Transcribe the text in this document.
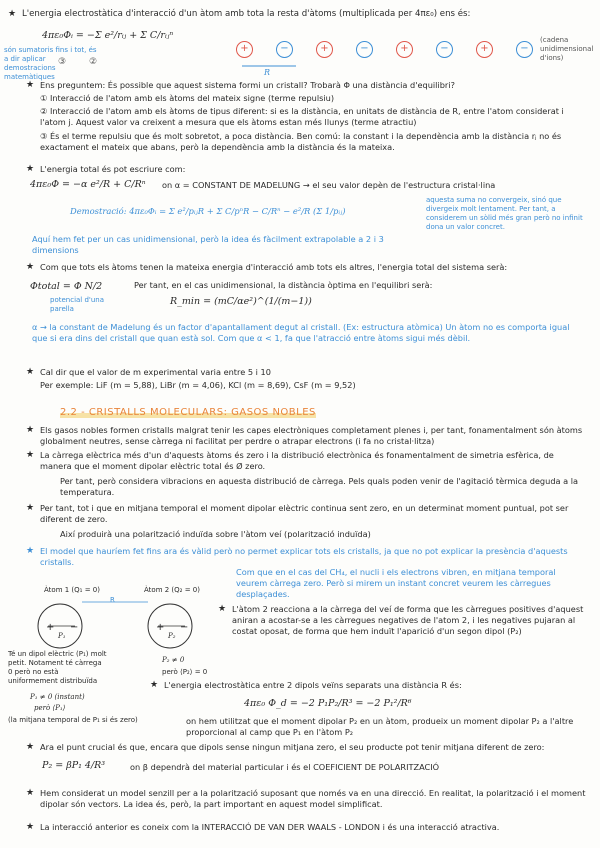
★ L'energia electrostàtica d'interacció d'un àtom amb tota la resta d'àtoms (multiplicada per 4πε₀) ens és:
4πε₀Φᵢ = −Σ e²/rᵢⱼ + Σ C/rᵢⱼⁿ
són sumatoris fins i tot, és a dir aplicar demostracions matemàtiques
③        ②
+	−	+	−	+	−	+	−
R
(cadena unidimensional d'ions)
★ Ens preguntem: És possible que aquest sistema formi un cristall? Trobarà Φ una distància d'equilibri?
① Interacció de l'atom amb els àtoms del mateix signe (terme repulsiu)
② Interacció de l'atom amb els àtoms de tipus diferent: si es la distància, en unitats de distància de R, entre l'atom considerat i l'atom j. Aquest valor va creixent a mesura que els àtoms estan més llunys (terme atractiu)
③ És el terme repulsiu que és molt sobretot, a poca distància. Ben comú: la constant i la dependència amb la distància rⱼ no és exactament el mateix que abans, però la dependència amb la distància és la mateixa.
★ L'energia total és pot escriure com:
4πε₀Φ = −α e²/R + C/Rⁿ on α = CONSTANT DE MADELUNG → el seu valor depèn de l'estructura cristal·lina
Demostració: 4πε₀Φᵢ = Σ e²/pᵢⱼR + Σ C/pⁿR − C/Rⁿ − e²/R (Σ 1/pᵢⱼ)
aquesta suma no convergeix, sinó que divergeix molt lentament. Per tant, a considerem un sòlid més gran però no infinit dona un valor concret.
Aquí hem fet per un cas unidimensional, però la idea és fàcilment extrapolable a 2 i 3 dimensions
★ Com que tots els àtoms tenen la mateixa energia d'interacció amb tots els altres, l'energia total del sistema serà:
Φtotal = Φ N/2
potencial d'una parella
Per tant, en el cas unidimensional, la distància òptima en l'equilibri serà:
R_min = (mC/αe²)^(1/(m−1))
α → la constant de Madelung és un factor d'apantallament degut al cristall. (Ex: estructura atòmica) Un àtom no es comporta igual que si era dins del cristall que quan està sol. Com que α < 1, fa que l'atracció entre àtoms sigui més dèbil.
★ Cal dir que el valor de m experimental varia entre 5 i 10
Per exemple: LiF (m = 5,88), LiBr (m = 4,06), KCl (m = 8,69), CsF (m = 9,52)
2.2 - CRISTALLS MOLECULARS: GASOS NOBLES
★ Els gasos nobles formen cristalls malgrat tenir les capes electròniques completament plenes i, per tant, fonamentalment són àtoms globalment neutres, sense càrrega ni facilitat per perdre o atrapar electrons (i fa no cristal·litza)
★ La càrrega elèctrica més d'un d'aquests àtoms és zero i la distribució electrònica és fonamentalment de simetria esfèrica, de manera que el moment dipolar elèctric total és Ø zero.
Per tant, però considera vibracions en aquesta distribució de càrrega. Pels quals poden venir de l'agitació tèrmica deguda a la temperatura.
★ Per tant, tot i que en mitjana temporal el moment dipolar elèctric continua sent zero, en un determinat moment puntual, pot ser diferent de zero.
Així produirà una polarització induïda sobre l'àtom veí (polarització induïda)
★ El model que hauríem fet fins ara és vàlid però no permet explicar tots els cristalls, ja que no pot explicar la presència d'aquests cristalls.
Com que en el cas del CH₄, el nucli i els electrons vibren, en mitjana temporal veurem càrrega zero. Però si mirem un instant concret veurem les càrregues desplaçades.
Àtom 1 (Q₁ = 0)	Àtom 2 (Q₂ = 0)
+ −	+ −
R
P₁	P₂
Té un dipol elèctric (P₁) molt petit. Notament té càrrega 0 però no està uniformement distribuïda
P₁ ≠ 0 (instant)
però ⟨P₁⟩
(la mitjana temporal de P₁ si és zero)
P₂ ≠ 0
però ⟨P₂⟩ = 0
★ L'àtom 2 reacciona a la càrrega del veí de forma que les càrregues positives d'aquest aniran a acostar-se a les càrregues negatives de l'atom 2, i les negatives pujaran al costat oposat, de forma que hem induït l'aparició d'un segon dipol (P₂)
★ L'energia electrostàtica entre 2 dipols veïns separats una distància R és:
4πε₀ Φ_d = −2 P₁P₂/R³ = −2 P₁²/R⁶
on hem utilitzat que el moment dipolar P₂ en un àtom, produeix un moment dipolar P₂ a l'altre proporcional al camp que P₁ en l'àtom P₂
★ Ara el punt crucial és que, encara que dipols sense ningun mitjana zero, el seu producte pot tenir mitjana diferent de zero:
P₂ = βP₁ 4/R³	on β dependrà del material particular i és el COEFICIENT DE POLARITZACIÓ
★ Hem considerat un model senzill per a la polarització suposant que només va en una direcció. En realitat, la polarització i el moment dipolar són vectors. La idea és, però, la part important en aquest model simplificat.
★ La interacció anterior es coneix com la INTERACCIÓ DE VAN DER WAALS - LONDON i és una interacció atractiva.
